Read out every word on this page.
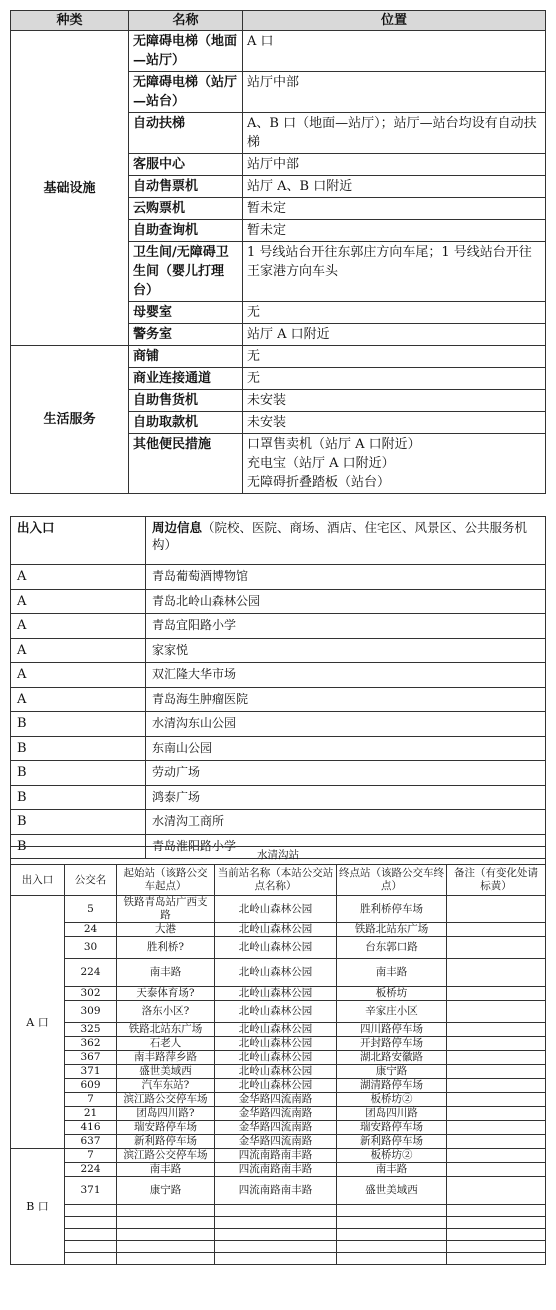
种类	名称	位置
基础设施	无障碍电梯（地面—站厅）	A 口
	无障碍电梯（站厅—站台）	站厅中部
	自动扶梯	A、B 口（地面—站厅）；站厅—站台均设有自动扶梯
	客服中心	站厅中部
	自动售票机	站厅 A、B 口附近
	云购票机	暂未定
	自助查询机	暂未定
	卫生间/无障碍卫生间（婴儿打理台）	1 号线站台开往东郭庄方向车尾；1 号线站台开往王家港方向车头
	母婴室	无
	警务室	站厅 A 口附近
生活服务	商铺	无
	商业连接通道	无
	自助售货机	未安装
	自助取款机	未安装
	其他便民措施	口罩售卖机（站厅 A 口附近）
充电宝（站厅 A 口附近）
无障碍折叠踏板（站台）
出入口	周边信息（院校、医院、商场、酒店、住宅区、风景区、公共服务机构）
A	青岛葡萄酒博物馆
A	青岛北岭山森林公园
A	青岛宜阳路小学
A	家家悦
A	双汇隆大华市场
A	青岛海生肿瘤医院
B	水清沟东山公园
B	东南山公园
B	劳动广场
B	鸿泰广场
B	水清沟工商所
B	青岛淮阳路小学
水清沟站					
出入口	公交名	起始站（该路公交车起点）	当前站名称（本站公交站点名称）	终点站（该路公交车终点）	备注（有变化处请标黄）
A 口	5	铁路青岛站广西支路	北岭山森林公园	胜利桥停车场	
	24	大港	北岭山森林公园	铁路北站东广场	
	30	胜利桥?	北岭山森林公园	台东郭口路	
	224	南丰路	北岭山森林公园	南丰路	
	302	天泰体育场?	北岭山森林公园	板桥坊	
	309	洛东小区?	北岭山森林公园	辛家庄小区	
	325	铁路北站东广场	北岭山森林公园	四川路停车场	
	362	石老人	北岭山森林公园	开封路停车场	
	367	南丰路萍乡路	北岭山森林公园	湖北路安徽路	
	371	盛世美域西	北岭山森林公园	康宁路	
	609	汽车东站?	北岭山森林公园	湖清路停车场	
	7	滨江路公交停车场	金华路四流南路	板桥坊②	
	21	团岛四川路?	金华路四流南路	团岛四川路	
	416	瑞安路停车场	金华路四流南路	瑞安路停车场	
	637	新利路停车场	金华路四流南路	新利路停车场	
B 口	7	滨江路公交停车场	四流南路南丰路	板桥坊②	
	224	南丰路	四流南路南丰路	南丰路	
	371	康宁路	四流南路南丰路	盛世美域西	
